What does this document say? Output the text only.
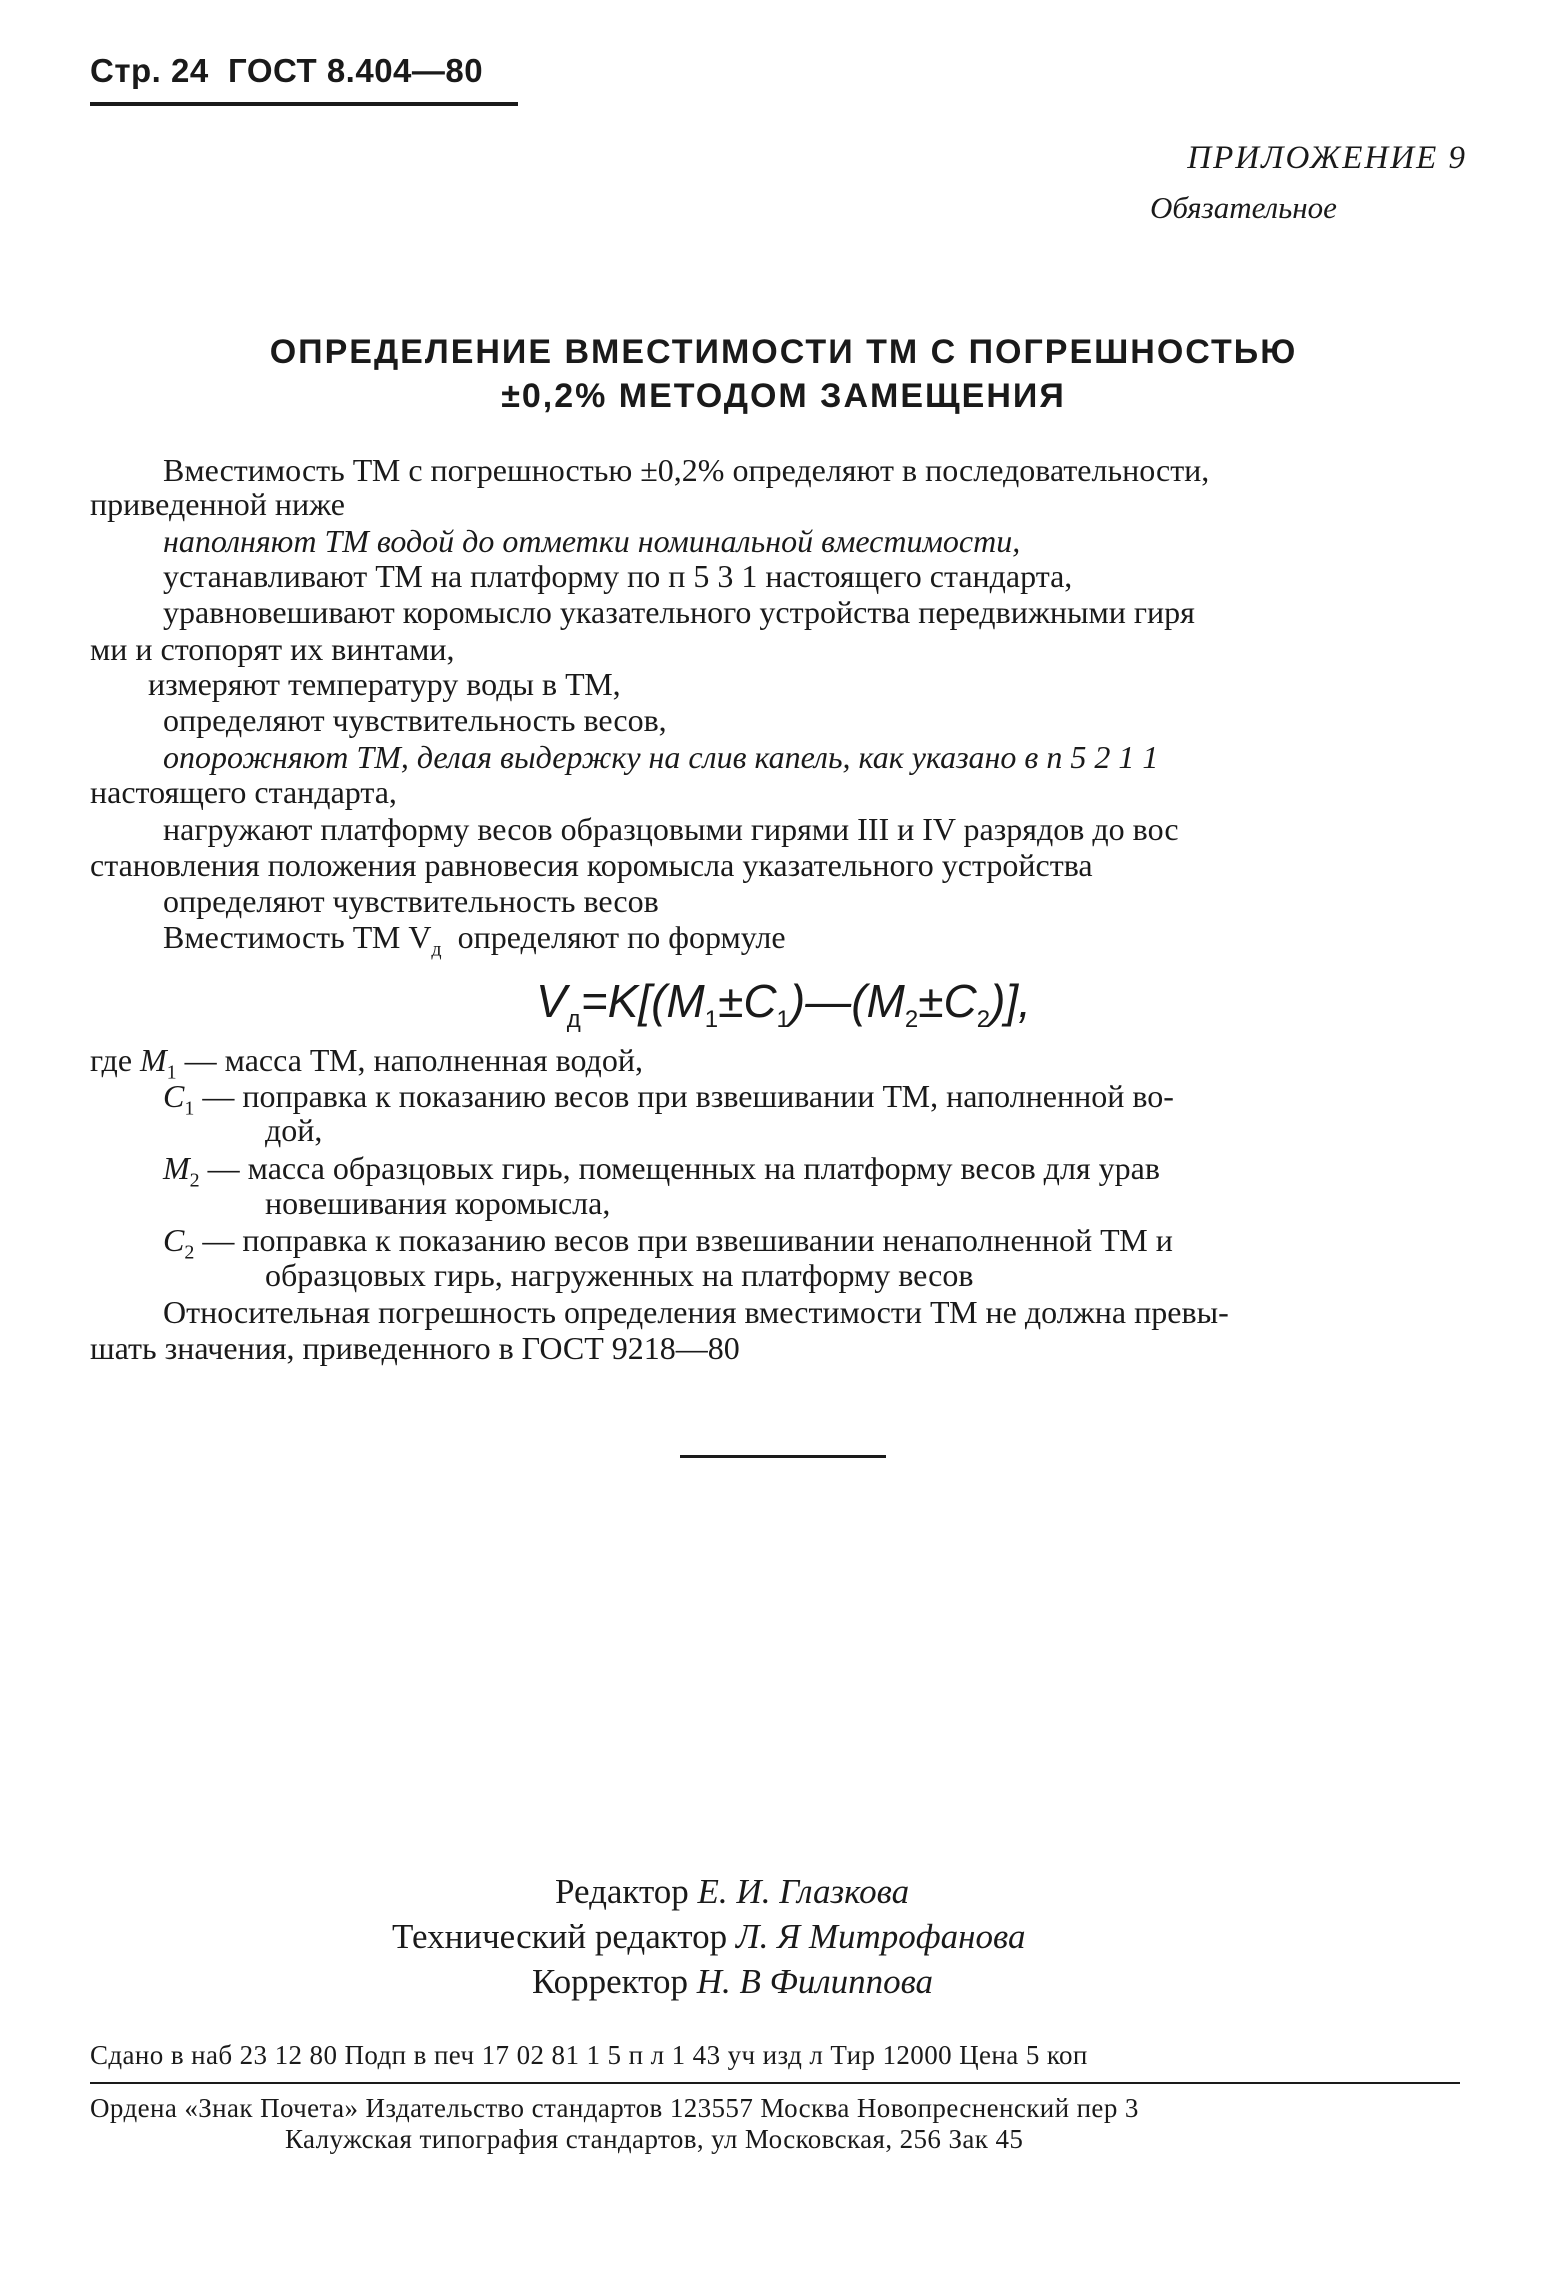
Стр. 24 ГОСТ 8.404—80
ПРИЛОЖЕНИЕ 9
Обязательное
ОПРЕДЕЛЕНИЕ ВМЕСТИМОСТИ ТМ С ПОГРЕШНОСТЬЮ
±0,2% МЕТОДОМ ЗАМЕЩЕНИЯ
Вместимость ТМ с погрешностью ±0,2% определяют в последовательности,
приведенной ниже
наполняют ТМ водой до отметки номинальной вместимости,
устанавливают ТМ на платформу по п 5 3 1 настоящего стандарта,
уравновешивают коромысло указательного устройства передвижными гиря
ми и стопорят их винтами,
измеряют температуру воды в ТМ,
определяют чувствительность весов,
опорожняют ТМ, делая выдержку на слив капель, как указано в п 5 2 1 1
настоящего стандарта,
нагружают платформу весов образцовыми гирями III и IV разрядов до вос
становления положения равновесия коромысла указательного устройства
определяют чувствительность весов
Вместимость ТМ $V_д$ определяют по формуле
$V_д=K[(M_1\pm C_1)—(M_2\pm C_2)]$,
где $M_1$ — масса ТМ, наполненная водой,
$C_1$ — поправка к показанию весов при взвешивании ТМ, наполненной во-
дой,
$M_2$ — масса образцовых гирь, помещенных на платформу весов для урав
новешивания коромысла,
$C_2$ — поправка к показанию весов при взвешивании ненаполненной ТМ и
образцовых гирь, нагруженных на платформу весов
Относительная погрешность определения вместимости ТМ не должна превы-
шать значения, приведенного в ГОСТ 9218—80
Редактор Е. И. Глазкова
Технический редактор Л. Я Митрофанова
Корректор Н. В Филиппова
Сдано в наб 23 12 80 Подп в печ 17 02 81 1 5 п л 1 43 уч изд л Тир 12000 Цена 5 коп
Ордена «Знак Почета» Издательство стандартов 123557 Москва Новопресненский пер 3
Калужская типография стандартов, ул Московская, 256 Зак 45
